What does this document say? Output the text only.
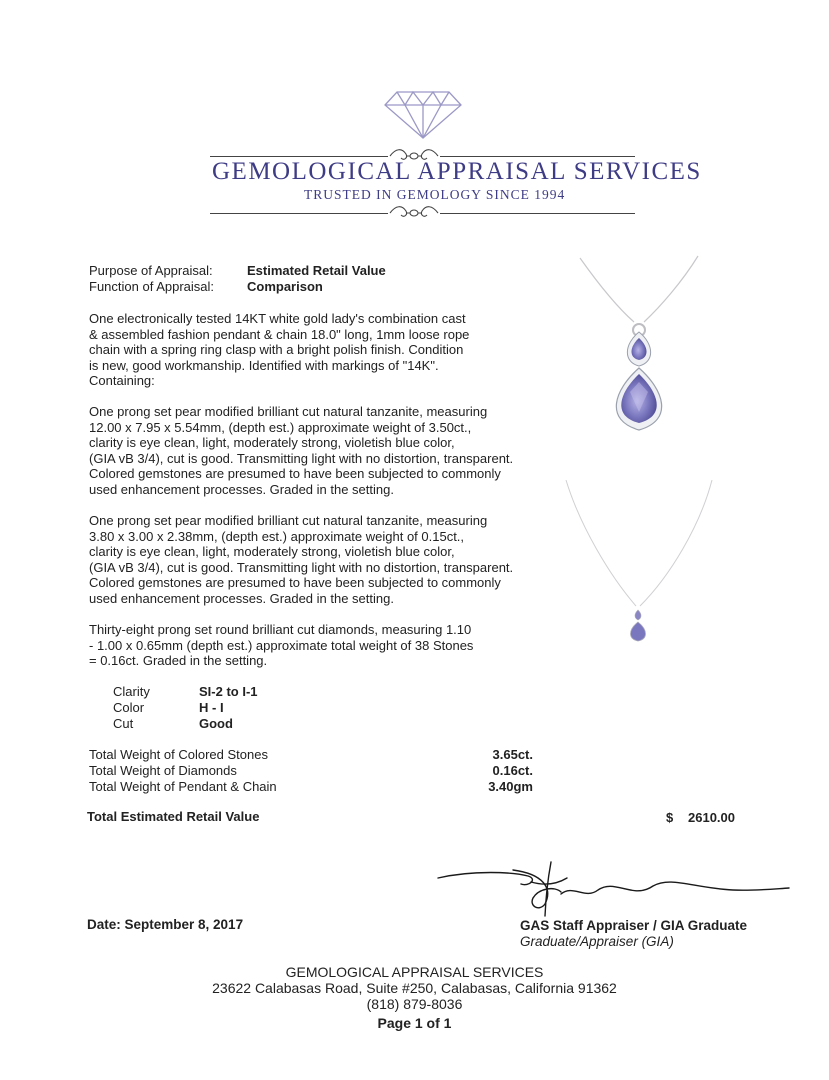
GEMOLOGICAL APPRAISAL SERVICES
TRUSTED IN GEMOLOGY SINCE 1994
Purpose of Appraisal:	Estimated Retail Value
Function of Appraisal:	Comparison
One electronically tested 14KT white gold lady's combination cast
& assembled fashion pendant & chain 18.0" long, 1mm loose rope
chain with a spring ring clasp with a bright polish finish. Condition
is new, good workmanship. Identified with markings of "14K".
Containing:
One prong set pear modified brilliant cut natural tanzanite, measuring
12.00 x 7.95 x 5.54mm, (depth est.) approximate weight of 3.50ct.,
clarity is eye clean, light, moderately strong, violetish blue color,
(GIA vB 3/4), cut is good. Transmitting light with no distortion, transparent.
Colored gemstones are presumed to have been subjected to commonly
used enhancement processes. Graded in the setting.
One prong set pear modified brilliant cut natural tanzanite, measuring
3.80 x 3.00 x 2.38mm, (depth est.) approximate weight of 0.15ct.,
clarity is eye clean, light, moderately strong, violetish blue color,
(GIA vB 3/4), cut is good. Transmitting light with no distortion, transparent.
Colored gemstones are presumed to have been subjected to commonly
used enhancement processes. Graded in the setting.
Thirty-eight prong set round brilliant cut diamonds, measuring 1.10
- 1.00 x 0.65mm (depth est.) approximate total weight of 38 Stones
= 0.16ct. Graded in the setting.
Clarity	SI-2 to I-1
Color	H - I
Cut	Good
Total Weight of Colored Stones	3.65ct.
Total Weight of Diamonds	0.16ct.
Total Weight of Pendant & Chain	3.40gm
Total Estimated Retail Value	$ 2610.00
Date: September 8, 2017	GAS Staff Appraiser / GIA Graduate
Graduate/Appraiser (GIA)
GEMOLOGICAL APPRAISAL SERVICES
23622 Calabasas Road, Suite #250, Calabasas, California 91362
(818) 879-8036
Page 1 of 1
